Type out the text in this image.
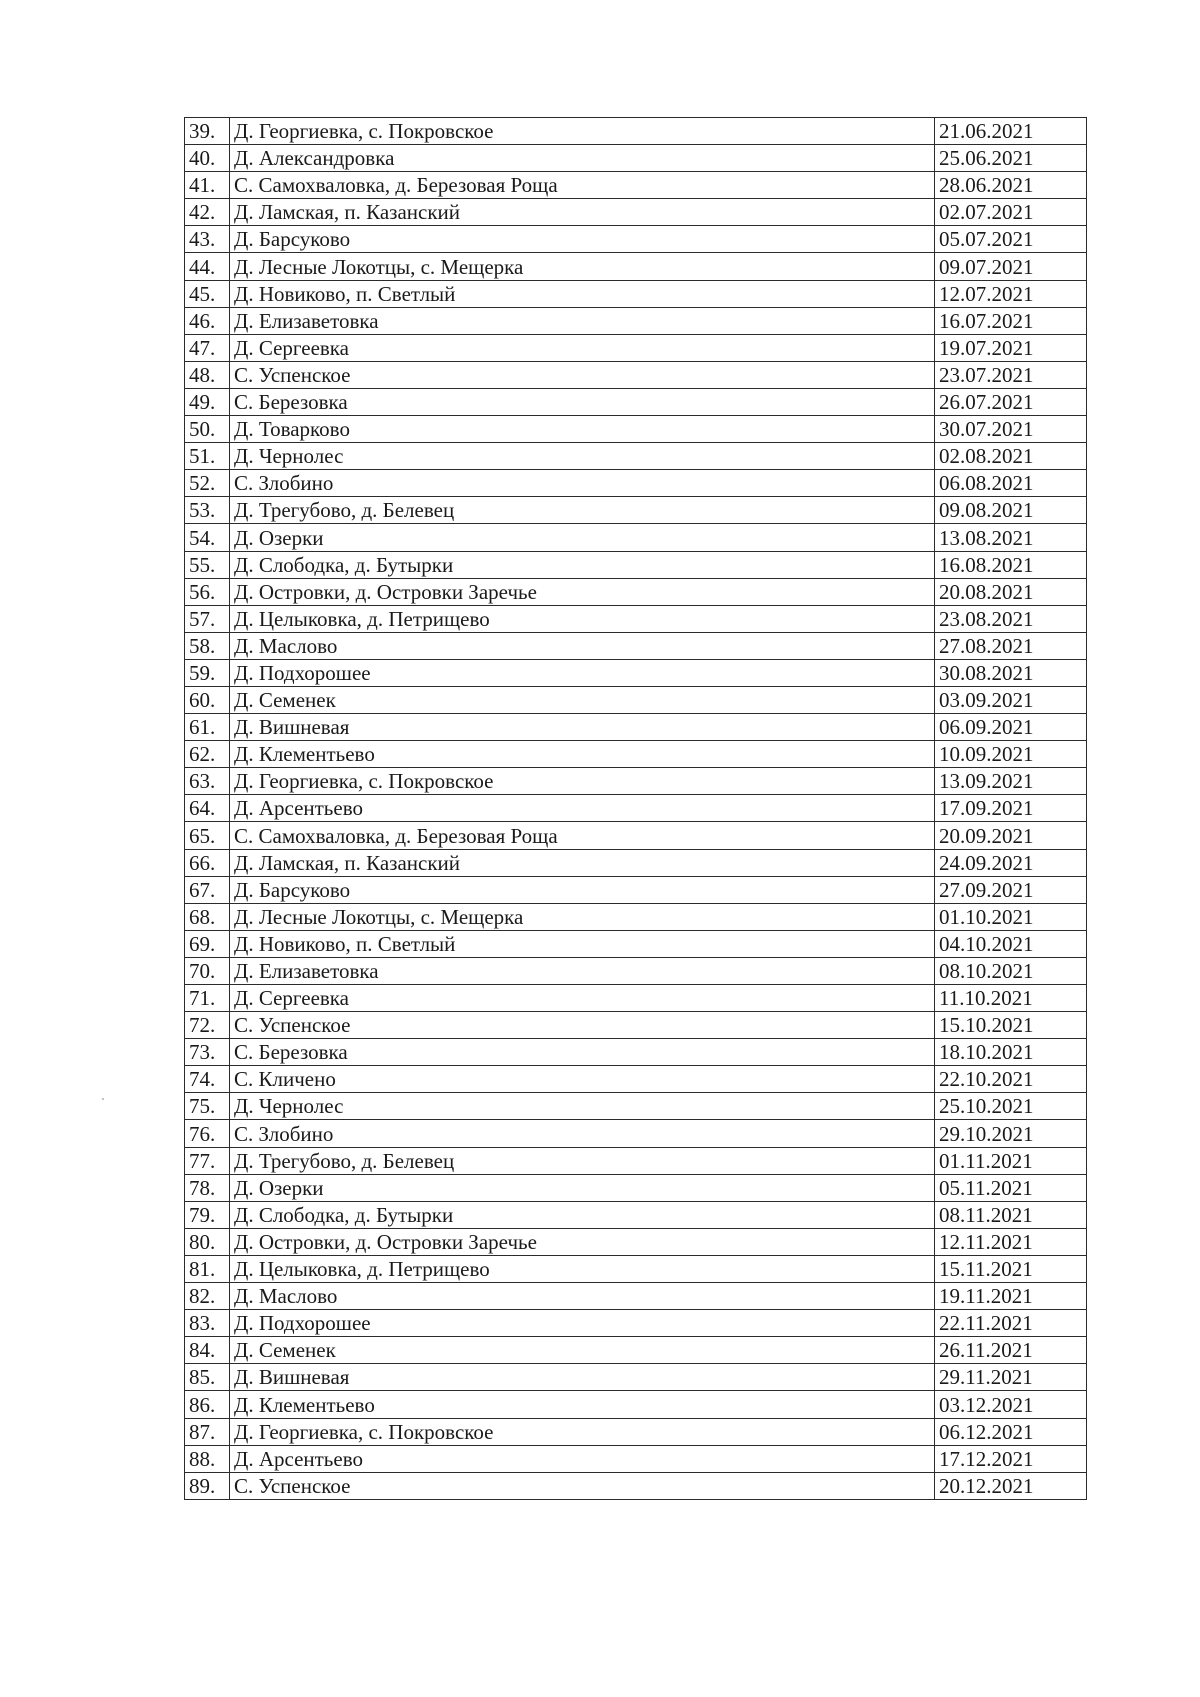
39.	Д. Георгиевка, с. Покровское	21.06.2021
40.	Д. Александровка	25.06.2021
41.	С. Самохваловка, д. Березовая Роща	28.06.2021
42.	Д. Ламская, п. Казанский	02.07.2021
43.	Д. Барсуково	05.07.2021
44.	Д. Лесные Локотцы, с. Мещерка	09.07.2021
45.	Д. Новиково, п. Светлый	12.07.2021
46.	Д. Елизаветовка	16.07.2021
47.	Д. Сергеевка	19.07.2021
48.	С. Успенское	23.07.2021
49.	С. Березовка	26.07.2021
50.	Д. Товарково	30.07.2021
51.	Д. Чернолес	02.08.2021
52.	С. Злобино	06.08.2021
53.	Д. Трегубово, д. Белевец	09.08.2021
54.	Д. Озерки	13.08.2021
55.	Д. Слободка, д. Бутырки	16.08.2021
56.	Д. Островки, д. Островки Заречье	20.08.2021
57.	Д. Целыковка, д. Петрищево	23.08.2021
58.	Д. Маслово	27.08.2021
59.	Д. Подхорошее	30.08.2021
60.	Д. Семенек	03.09.2021
61.	Д. Вишневая	06.09.2021
62.	Д. Клементьево	10.09.2021
63.	Д. Георгиевка, с. Покровское	13.09.2021
64.	Д. Арсентьево	17.09.2021
65.	С. Самохваловка, д. Березовая Роща	20.09.2021
66.	Д. Ламская, п. Казанский	24.09.2021
67.	Д. Барсуково	27.09.2021
68.	Д. Лесные Локотцы, с. Мещерка	01.10.2021
69.	Д. Новиково, п. Светлый	04.10.2021
70.	Д. Елизаветовка	08.10.2021
71.	Д. Сергеевка	11.10.2021
72.	С. Успенское	15.10.2021
73.	С. Березовка	18.10.2021
74.	С. Кличено	22.10.2021
75.	Д. Чернолес	25.10.2021
76.	С. Злобино	29.10.2021
77.	Д. Трегубово, д. Белевец	01.11.2021
78.	Д. Озерки	05.11.2021
79.	Д. Слободка, д. Бутырки	08.11.2021
80.	Д. Островки, д. Островки Заречье	12.11.2021
81.	Д. Целыковка, д. Петрищево	15.11.2021
82.	Д. Маслово	19.11.2021
83.	Д. Подхорошее	22.11.2021
84.	Д. Семенек	26.11.2021
85.	Д. Вишневая	29.11.2021
86.	Д. Клементьево	03.12.2021
87.	Д. Георгиевка, с. Покровское	06.12.2021
88.	Д. Арсентьево	17.12.2021
89.	С. Успенское	20.12.2021
